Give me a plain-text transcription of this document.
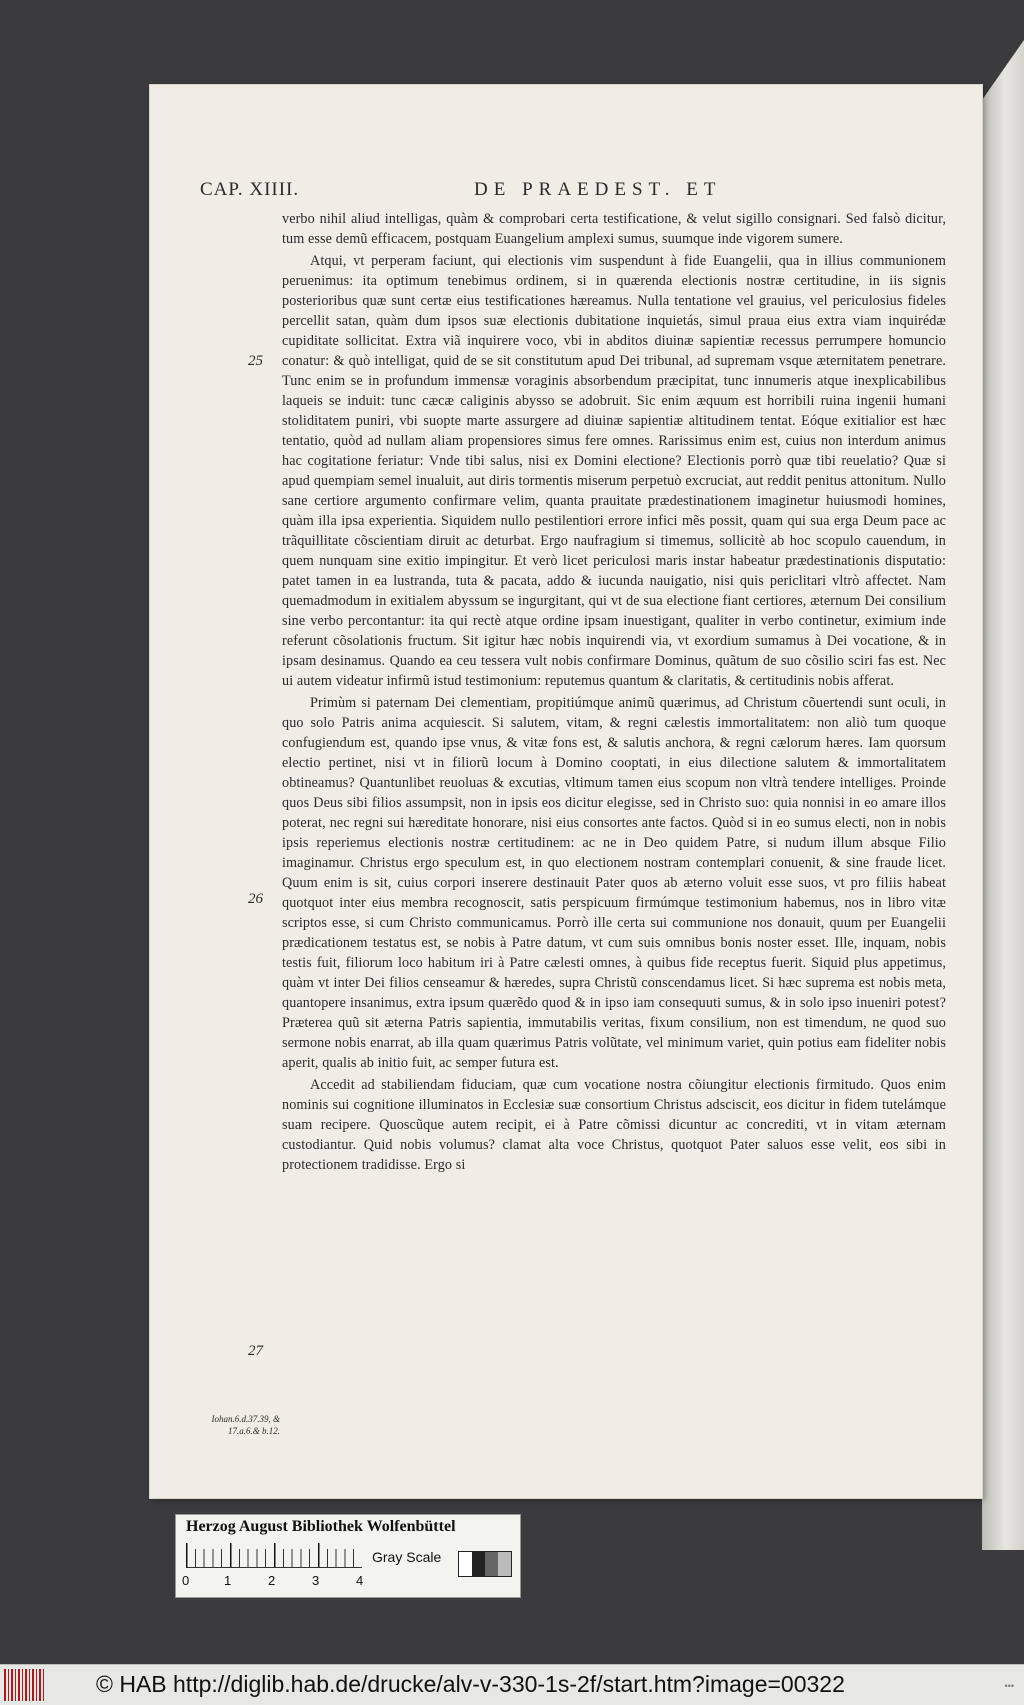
CAP. XIIII.	DE PRAEDEST. ET
25
26
27
Iohan.6.d.37.39, & 17.a.6.& b.12.

verbo nihil aliud intelligas, quàm & comprobari certa testificatione, & velut sigillo consignari. Sed falsò dicitur, tum esse demũ efficacem, postquam Euangelium amplexi sumus, suumque inde vigorem sumere.

Atqui, vt perperam faciunt, qui electionis vim suspendunt à fide Euangelii, qua in illius communionem peruenimus: ita optimum tenebimus ordinem, si in quærenda electionis nostræ certitudine, in iis signis posterioribus quæ sunt certæ eius testificationes hæreamus. Nulla tentatione vel grauius, vel periculosius fideles percellit satan, quàm dum ipsos suæ electionis dubitatione inquietás, simul praua eius extra viam inquirédæ cupiditate sollicitat. Extra viã inquirere voco, vbi in abditos diuinæ sapientiæ recessus perrumpere homuncio conatur: & quò intelligat, quid de se sit constitutum apud Dei tribunal, ad supremam vsque æternitatem penetrare. Tunc enim se in profundum immensæ voraginis absorbendum præcipitat, tunc innumeris atque inexplicabilibus laqueis se induit: tunc cæcæ caliginis abysso se adobruit. Sic enim æquum est horribili ruina ingenii humani stoliditatem puniri, vbi suopte marte assurgere ad diuinæ sapientiæ altitudinem tentat. Eóque exitialior est hæc tentatio, quòd ad nullam aliam propensiores simus fere omnes. Rarissimus enim est, cuius non interdum animus hac cogitatione feriatur: Vnde tibi salus, nisi ex Domini electione? Electionis porrò quæ tibi reuelatio? Quæ si apud quempiam semel inualuit, aut diris tormentis miserum perpetuò excruciat, aut reddit penitus attonitum. Nullo sane certiore argumento confirmare velim, quanta prauitate prædestinationem imaginetur huiusmodi homines, quàm illa ipsa experientia. Siquidem nullo pestilentiori errore infici mẽs possit, quam qui sua erga Deum pace ac trãquillitate cõscientiam diruit ac deturbat. Ergo naufragium si timemus, sollicitè ab hoc scopulo cauendum, in quem nunquam sine exitio impingitur. Et verò licet periculosi maris instar habeatur prædestinationis disputatio: patet tamen in ea lustranda, tuta & pacata, addo & iucunda nauigatio, nisi quis periclitari vltrò affectet. Nam quemadmodum in exitialem abyssum se ingurgitant, qui vt de sua electione fiant certiores, æternum Dei consilium sine verbo percontantur: ita qui rectè atque ordine ipsam inuestigant, qualiter in verbo continetur, eximium inde referunt cõsolationis fructum. Sit igitur hæc nobis inquirendi via, vt exordium sumamus à Dei vocatione, & in ipsam desinamus. Quando ea ceu tessera vult nobis confirmare Dominus, quãtum de suo cõsilio sciri fas est. Nec ui autem videatur infirmũ istud testimonium: reputemus quantum & claritatis, & certitudinis nobis afferat.

Primùm si paternam Dei clementiam, propitiúmque animũ quærimus, ad Christum cõuertendi sunt oculi, in quo solo Patris anima acquiescit. Si salutem, vitam, & regni cælestis immortalitatem: non aliò tum quoque confugiendum est, quando ipse vnus, & vitæ fons est, & salutis anchora, & regni cælorum hæres. Iam quorsum electio pertinet, nisi vt in filiorũ locum à Domino cooptati, in eius dilectione salutem & immortalitatem obtineamus? Quantunlibet reuoluas & excutias, vltimum tamen eius scopum non vltrà tendere intelliges. Proinde quos Deus sibi filios assumpsit, non in ipsis eos dicitur elegisse, sed in Christo suo: quia nonnisi in eo amare illos poterat, nec regni sui hæreditate honorare, nisi eius consortes ante factos. Quòd si in eo sumus electi, non in nobis ipsis reperiemus electionis nostræ certitudinem: ac ne in Deo quidem Patre, si nudum illum absque Filio imaginamur. Christus ergo speculum est, in quo electionem nostram contemplari conuenit, & sine fraude licet. Quum enim is sit, cuius corpori inserere destinauit Pater quos ab æterno voluit esse suos, vt pro filiis habeat quotquot inter eius membra recognoscit, satis perspicuum firmúmque testimonium habemus, nos in libro vitæ scriptos esse, si cum Christo communicamus. Porrò ille certa sui communione nos donauit, quum per Euangelii prædicationem testatus est, se nobis à Patre datum, vt cum suis omnibus bonis noster esset. Ille, inquam, nobis testis fuit, filiorum loco habitum iri à Patre cælesti omnes, à quibus fide receptus fuerit. Siquid plus appetimus, quàm vt inter Dei filios censeamur & hæredes, supra Christũ conscendamus licet. Si hæc suprema est nobis meta, quantopere insanimus, extra ipsum quærẽdo quod & in ipso iam consequuti sumus, & in solo ipso inueniri potest? Præterea quũ sit æterna Patris sapientia, immutabilis veritas, fixum consilium, non est timendum, ne quod suo sermone nobis enarrat, ab illa quam quærimus Patris volũtate, vel minimum variet, quin potius eam fideliter nobis aperit, qualis ab initio fuit, ac semper futura est.

Accedit ad stabiliendam fiduciam, quæ cum vocatione nostra cõiungitur electionis firmitudo. Quos enim nominis sui cognitione illuminatos in Ecclesiæ suæ consortium Christus adsciscit, eos dicitur in fidem tutelámque suam recipere. Quoscũque autem recipit, ei à Patre cõmissi dicuntur ac concrediti, vt in vitam æternam custodiantur. Quid nobis volumus? clamat alta voce Christus, quotquot Pater saluos esse velit, eos sibi in protectionem tradidisse. Ergo si

Herzog August Bibliothek Wolfenbüttel
0	1	2	3	4
Gray Scale
© HAB http://diglib.hab.de/drucke/alv-v-330-1s-2f/start.htm?image=00322	•••
